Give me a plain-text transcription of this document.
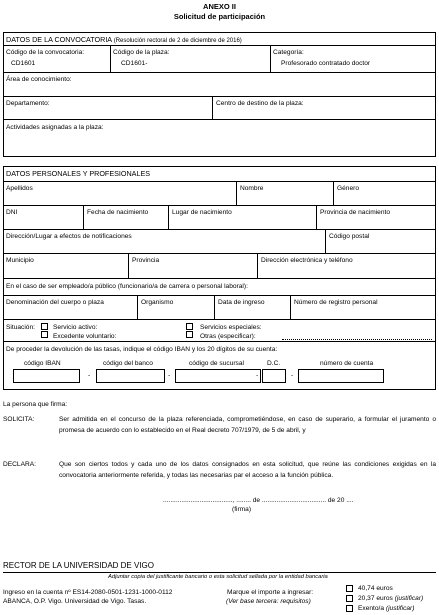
ANEXO II
Solicitud de participación
DATOS DE LA CONVOCATORIA (Resolución rectoral de 2 de diciembre de 2016)
Código de la convocatoria:
CD1601
Código de la plaza:
CD1601-
Categoría:
Profesorado contratado doctor
Área de conocimiento:
Departamento:	Centro de destino de la plaza:
Actividades asignadas a la plaza:
DATOS PERSONALES Y PROFESIONALES
Apellidos	Nombre	Género
DNI	Fecha de nacimiento	Lugar de nacimiento	Provincia de nacimiento
Dirección/Lugar a efectos de notificaciones	Código postal
Municipio	Provincia	Dirección electrónica y teléfono
En el caso de ser empleado/a público (funcionario/a de carrera o personal laboral):
Denominación del cuerpo o plaza	Organismo	Data de ingreso	Número de registro personal
Situación:	Servicio activo:
Excedente voluntario:
Servicios especiales:
Otras (especificar):
De proceder la devolución de las tasas, indique el código IBAN y los 20 dígitos de su cuenta:
código IBAN	código del banco	código de sucursal	D.C.	número de cuenta
-	-	-	-
La persona que firma:
SOLICITA:	Ser admitida en el concurso de la plaza referenciada, comprometiéndose, en caso de superario, a formular el juramento o promesa de acuerdo con lo establecido en el Real decreto 707/1979, de 5 de abril, y
DECLARA:	Que son ciertos todos y cada uno de los datos consignados en esta solicitud, que reúne las condiciones exigidas en la convocatoria anteriormente referida, y todas las necesarias par el acceso a la función pública.
......................................, ........ de ................................... de 20 ....
(firma)
RECTOR DE LA UNIVERSIDAD DE VIGO
Adjuntar copia del justificante bancario o esta solicitud sellada por la entidad bancaria
Ingreso en la cuenta nº ES14-2080-0501-1231-1000-0112
ABANCA, O.P. Vigo. Universidad de Vigo. Tasas.
Marque el importe a ingresar:
(Ver base tercera: requisitos)
40,74 euros
20,37 euros (justificar)
Exento/a (justificar)
